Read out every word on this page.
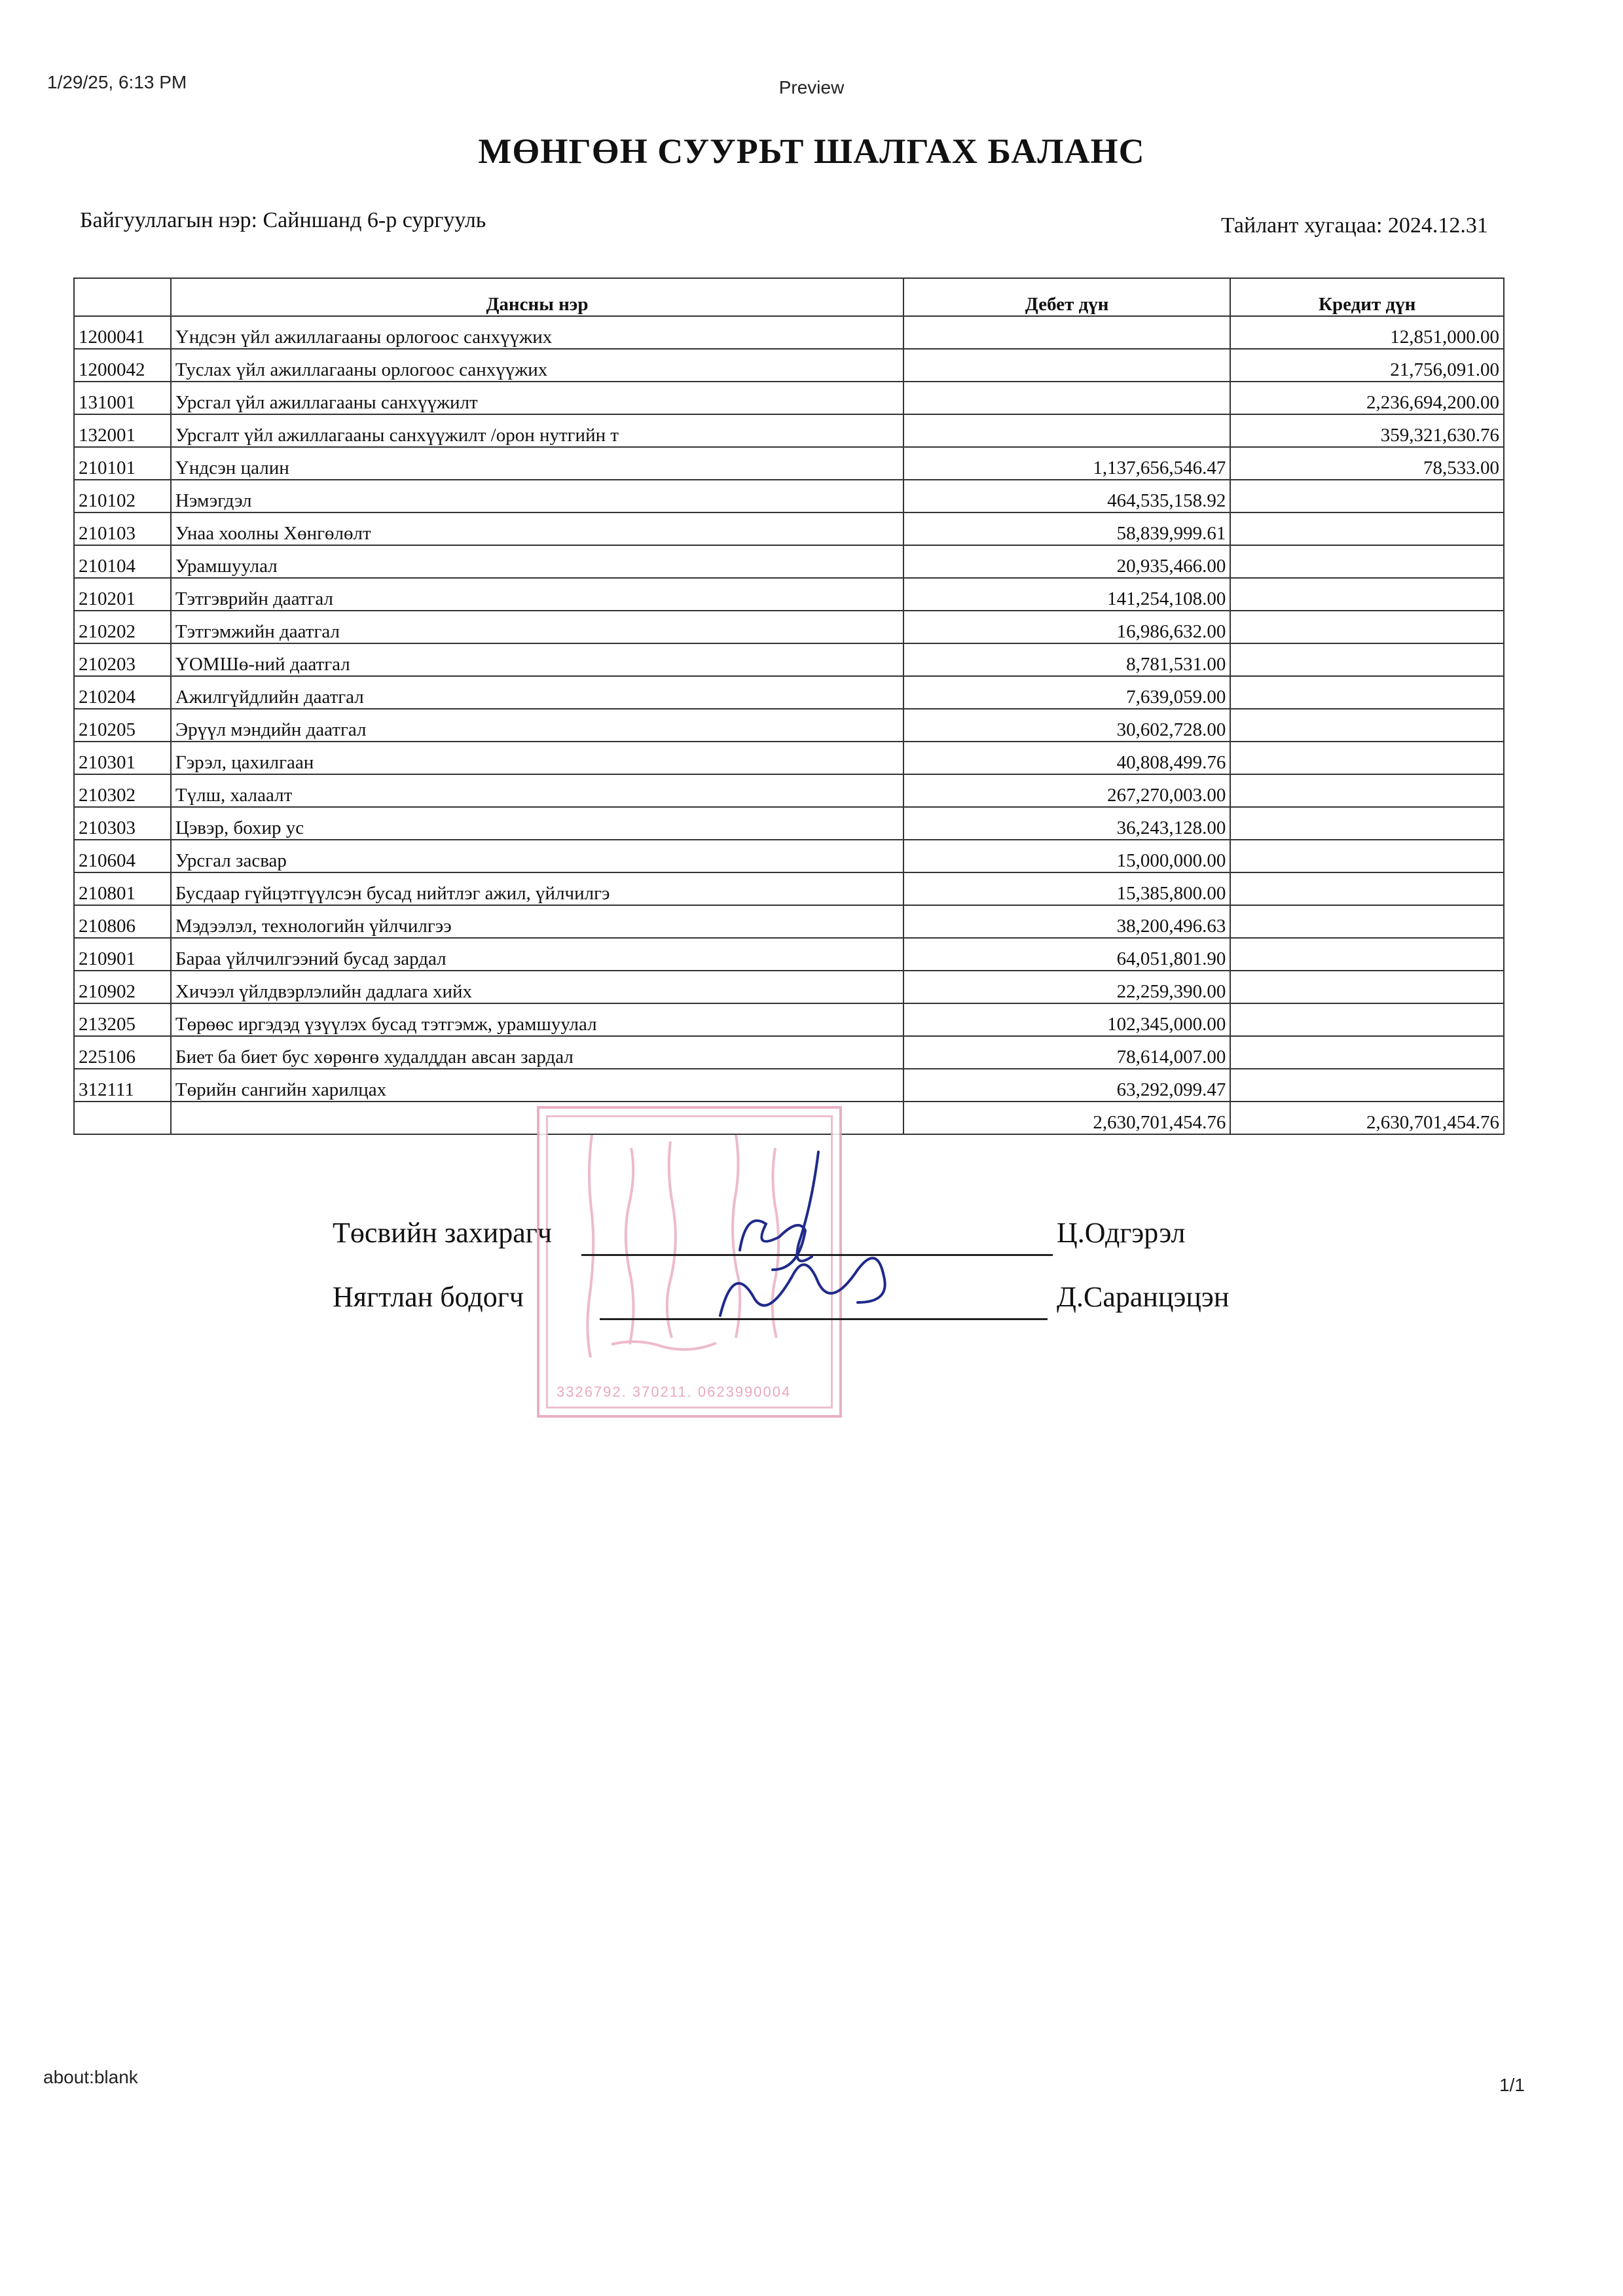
1/29/25, 6:13 PM	Preview
МӨНГӨН СУУРЬТ ШАЛГАХ БАЛАНС
Байгууллагын нэр: Сайншанд 6-р сургууль	Тайлант хугацаа: 2024.12.31
	Дансны нэр	Дебет дүн	Кредит дүн
1200041	Үндсэн үйл ажиллагааны орлогоос санхүүжих		12,851,000.00
1200042	Туслах үйл ажиллагааны орлогоос санхүүжих		21,756,091.00
131001	Урсгал үйл ажиллагааны санхүүжилт		2,236,694,200.00
132001	Урсгалт үйл ажиллагааны санхүүжилт /орон нутгийн т		359,321,630.76
210101	Үндсэн цалин	1,137,656,546.47	78,533.00
210102	Нэмэгдэл	464,535,158.92	
210103	Унаа хоолны Хөнгөлөлт	58,839,999.61	
210104	Урамшуулал	20,935,466.00	
210201	Тэтгэврийн даатгал	141,254,108.00	
210202	Тэтгэмжийн даатгал	16,986,632.00	
210203	ҮОМШө-ний даатгал	8,781,531.00	
210204	Ажилгүйдлийн даатгал	7,639,059.00	
210205	Эрүүл мэндийн даатгал	30,602,728.00	
210301	Гэрэл, цахилгаан	40,808,499.76	
210302	Түлш, халаалт	267,270,003.00	
210303	Цэвэр, бохир ус	36,243,128.00	
210604	Урсгал засвар	15,000,000.00	
210801	Бусдаар гүйцэтгүүлсэн бусад нийтлэг ажил, үйлчилгэ	15,385,800.00	
210806	Мэдээлэл, технологийн үйлчилгээ	38,200,496.63	
210901	Бараа үйлчилгээний бусад зардал	64,051,801.90	
210902	Хичээл үйлдвэрлэлийн дадлага хийх	22,259,390.00	
213205	Төрөөс иргэдэд үзүүлэх бусад тэтгэмж, урамшуулал	102,345,000.00	
225106	Биет ба биет бус хөрөнгө худалддан авсан зардал	78,614,007.00	
312111	Төрийн сангийн харилцах	63,292,099.47	
		2,630,701,454.76	2,630,701,454.76
3326792. 370211. 0623990004
Төсвийн захирагч	Ц.Одгэрэл
Нягтлан бодогч	Д.Саранцэцэн
about:blank	1/1
